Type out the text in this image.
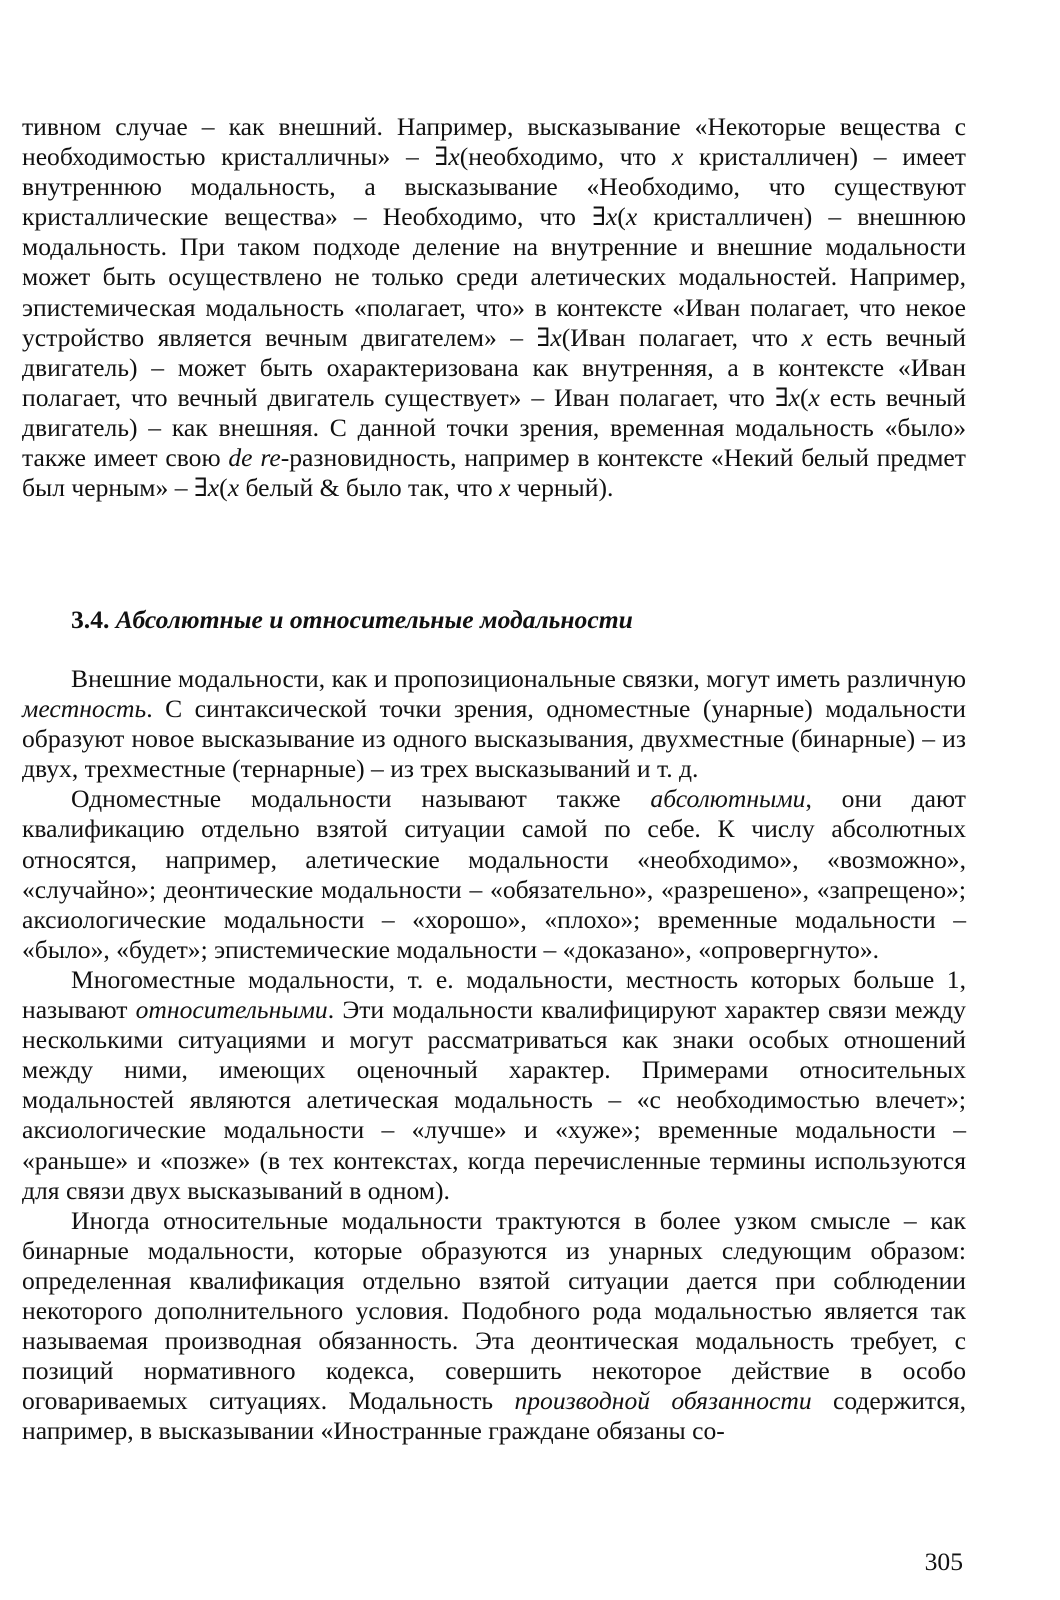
тивном случае – как внешний. Например, высказывание «Некоторые вещества с необходимостью кристалличны» – ∃x(необходимо, что x кристалличен) – имеет внутреннюю модальность, а высказывание «Необходимо, что существуют кристаллические вещества» – Необходимо, что ∃x(x кристалличен) – внешнюю модальность. При таком подходе деление на внутренние и внешние модальности может быть осуществлено не только среди алетических модальностей. Например, эпистемическая модальность «полагает, что» в контексте «Иван полагает, что некое устройство является вечным двигателем» – ∃x(Иван полагает, что x есть вечный двигатель) – может быть охарактеризована как внутренняя, а в контексте «Иван полагает, что вечный двигатель существует» – Иван полагает, что ∃x(x есть вечный двигатель) – как внешняя. С данной точки зрения, временная модальность «было» также имеет свою de re-разновидность, например в контексте «Некий белый предмет был черным» – ∃x(x белый & было так, что x черный).

3.4. Абсолютные и относительные модальности

Внешние модальности, как и пропозициональные связки, могут иметь различную местность. С синтаксической точки зрения, одноместные (унарные) модальности образуют новое высказывание из одного высказывания, двухместные (бинарные) – из двух, трехместные (тернарные) – из трех высказываний и т. д.

Одноместные модальности называют также абсолютными, они дают квалификацию отдельно взятой ситуации самой по себе. К числу абсолютных относятся, например, алетические модальности «необходимо», «возможно», «случайно»; деонтические модальности – «обязательно», «разрешено», «запрещено»; аксиологические модальности – «хорошо», «плохо»; временные модальности – «было», «будет»; эпистемические модальности – «доказано», «опровергнуто».

Многоместные модальности, т. е. модальности, местность которых больше 1, называют относительными. Эти модальности квалифицируют характер связи между несколькими ситуациями и могут рассматриваться как знаки особых отношений между ними, имеющих оценочный характер. Примерами относительных модальностей являются алетическая модальность – «с необходимостью влечет»; аксиологические модальности – «лучше» и «хуже»; временные модальности – «раньше» и «позже» (в тех контекстах, когда перечисленные термины используются для связи двух высказываний в одном).

Иногда относительные модальности трактуются в более узком смысле – как бинарные модальности, которые образуются из унарных следующим образом: определенная квалификация отдельно взятой ситуации дается при соблюдении некоторого дополнительного условия. Подобного рода модальностью является так называемая производная обязанность. Эта деонтическая модальность требует, с позиций нормативного кодекса, совершить некоторое действие в особо оговариваемых ситуациях. Модальность производной обязанности содержится, например, в высказывании «Иностранные граждане обязаны со-

305
